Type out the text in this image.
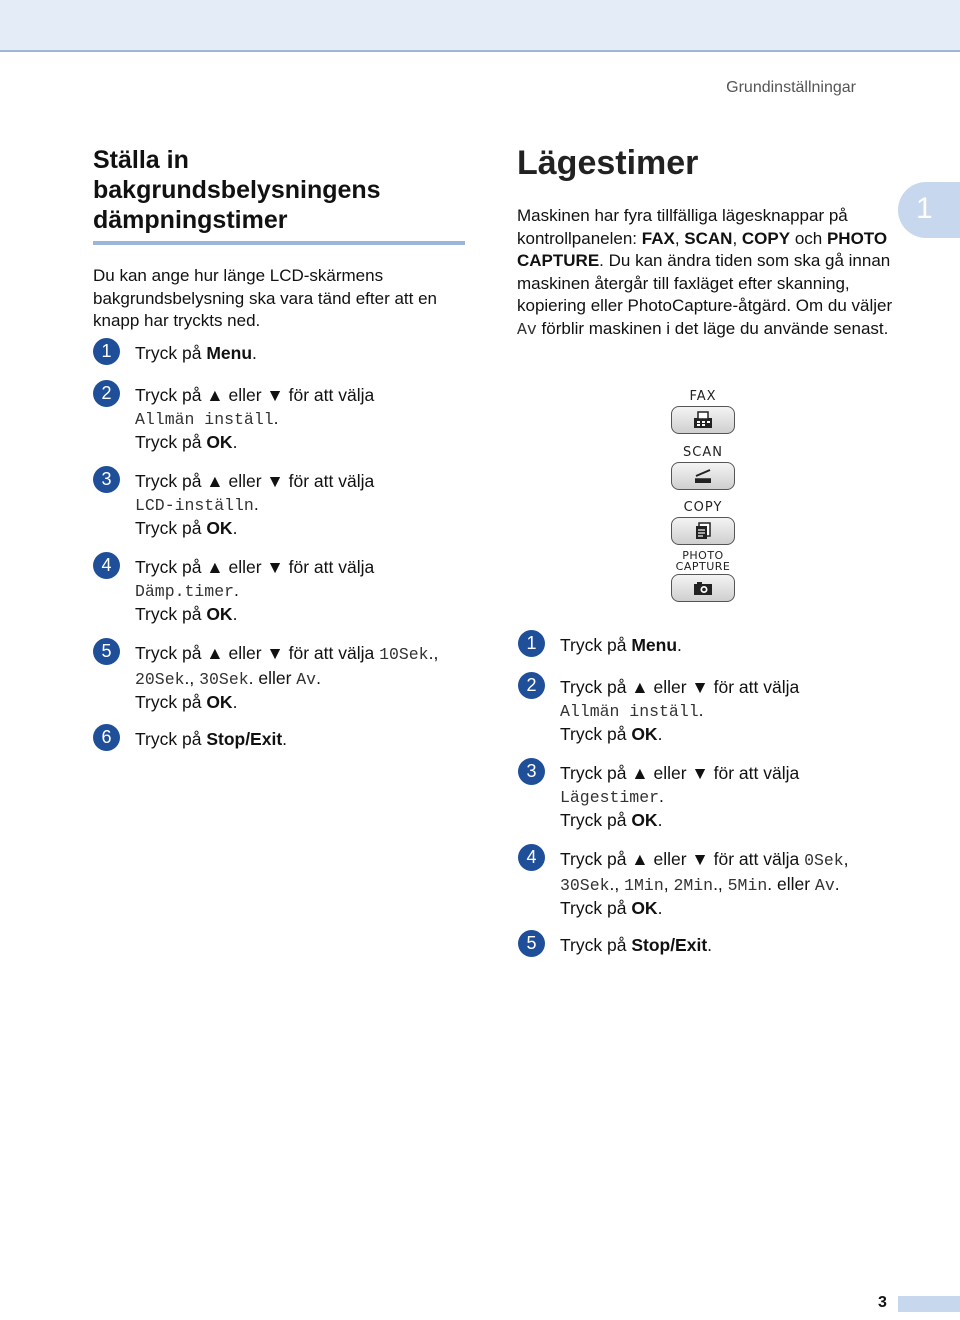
Grundinställningar
1
Ställa in
bakgrundsbelysningens
dämpningstimer

Du kan ange hur länge LCD-skärmens bakgrundsbelysning ska vara tänd efter att en knapp har tryckts ned.

1	Tryck på Menu.
2	Tryck på ▲ eller ▼ för att välja
Allmän inställ.
Tryck på OK.
3	Tryck på ▲ eller ▼ för att välja
LCD-inställn.
Tryck på OK.
4	Tryck på ▲ eller ▼ för att välja
Dämp.timer.
Tryck på OK.
5	Tryck på ▲ eller ▼ för att välja 10Sek.,
20Sek., 30Sek. eller Av.
Tryck på OK.
6	Tryck på Stop/Exit.
Lägestimer

Maskinen har fyra tillfälliga lägesknappar på kontrollpanelen: FAX, SCAN, COPY och PHOTO CAPTURE. Du kan ändra tiden som ska gå innan maskinen återgår till faxläget efter skanning, kopiering eller PhotoCapture-åtgärd. Om du väljer Av förblir maskinen i det läge du använde senast.

FAX
SCAN
COPY
PHOTO
CAPTURE
1	Tryck på Menu.
2	Tryck på ▲ eller ▼ för att välja
Allmän inställ.
Tryck på OK.
3	Tryck på ▲ eller ▼ för att välja
Lägestimer.
Tryck på OK.
4	Tryck på ▲ eller ▼ för att välja 0Sek,
30Sek., 1Min, 2Min., 5Min. eller Av.
Tryck på OK.
5	Tryck på Stop/Exit.
3
